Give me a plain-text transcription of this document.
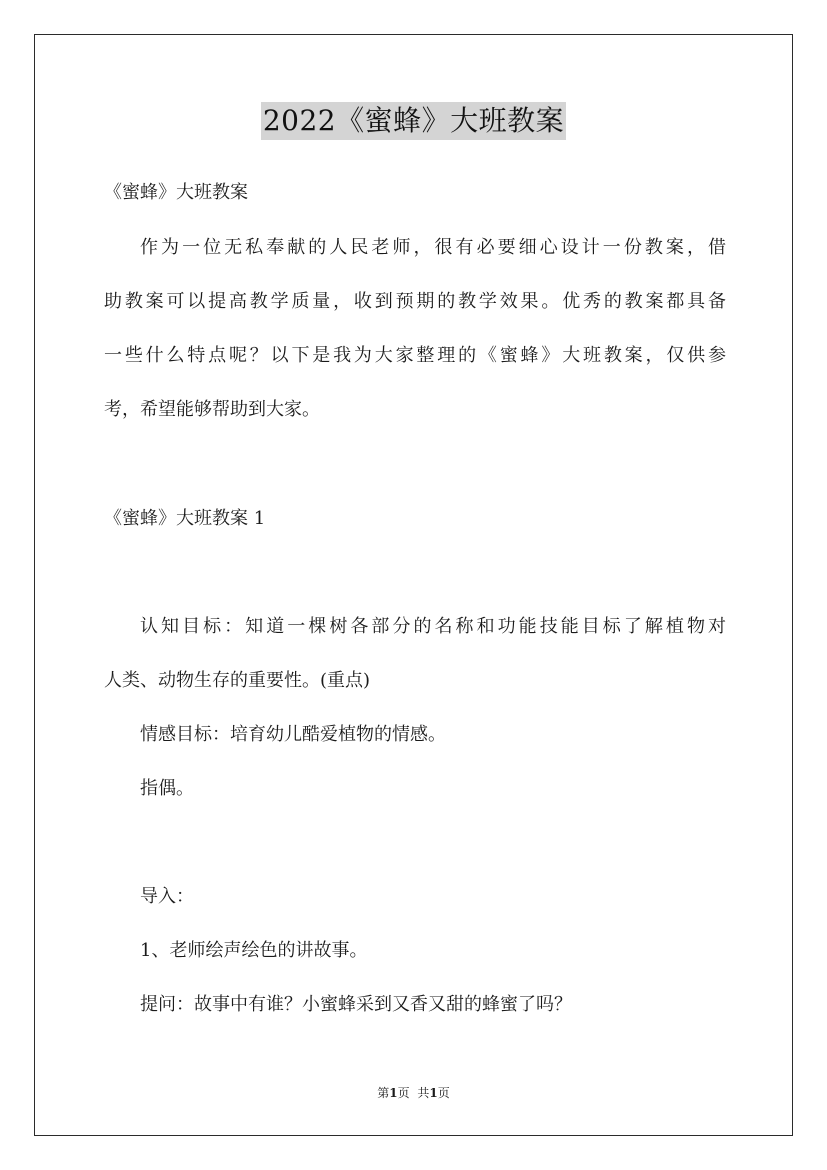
2022《蜜蜂》大班教案
《蜜蜂》大班教案
作为一位无私奉献的人民老师，很有必要细心设计一份教案，借
助教案可以提高教学质量，收到预期的教学效果。优秀的教案都具备
一些什么特点呢？以下是我为大家整理的《蜜蜂》大班教案，仅供参
考，希望能够帮助到大家。
《蜜蜂》大班教案 1
认知目标：知道一棵树各部分的名称和功能技能目标了解植物对
人类、动物生存的重要性。(重点)
情感目标：培育幼儿酷爱植物的情感。
指偶。
导入：
1、老师绘声绘色的讲故事。
提问：故事中有谁？小蜜蜂采到又香又甜的蜂蜜了吗？
第1页 共1页
